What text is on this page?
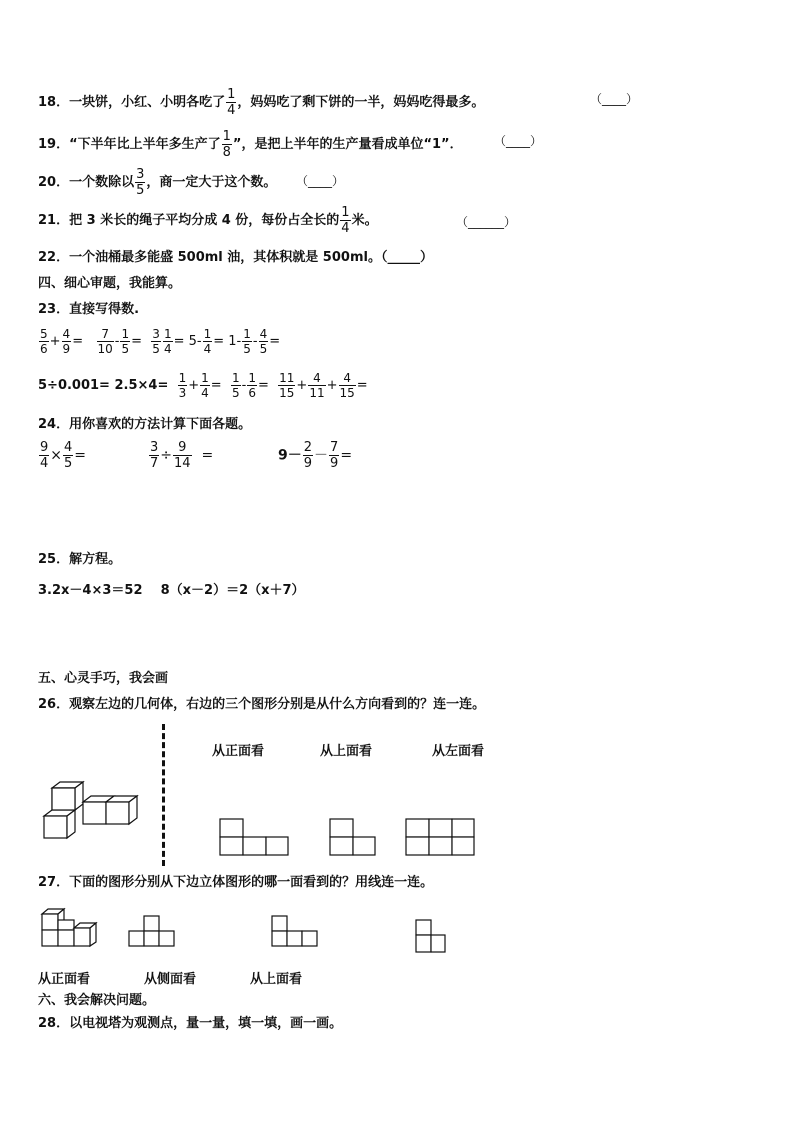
18．一块饼，小红、小明各吃了 $\frac{1}{4}$ ，妈妈吃了剩下饼的一半，妈妈吃得最多。	（____）
19．“下半年比上半年多生产了 $\frac{1}{8}$ ”，是把上半年的生产量看成单位“1”．	（____）
20．一个数除以 $\frac{3}{5}$ ，商一定大于这个数。 （____）
21．把 3 米长的绳子平均分成 4 份，每份占全长的 $\frac{1}{4}$ 米。	（______）
22．一个油桶最多能盛 500ml 油，其体积就是 500ml。（_____）
四、细心审题，我能算。
23．直接写得数.
$\frac{5}{6} + \frac{4}{9} = \frac{7}{10} - \frac{1}{5} = \frac{3}{5} \frac{1}{4} = 5- \frac{1}{4} = 1- \frac{1}{5} - \frac{4}{5}$ =
$5\div 0.001= 2.5\times 4= \frac{1}{3} + \frac{1}{4} = \frac{1}{5} - \frac{1}{6} = \frac{11}{15} + \frac{4}{11} + \frac{4}{15}$ =
24．用你喜欢的方法计算下面各题。
$\frac{9}{4} \times \frac{4}{5}$ =	$\frac{3}{7} \div \frac{9}{14}$ =	$9- \frac{2}{9} - \frac{7}{9}$ =
25．解方程。
3.2x－4×3＝52 8（x－2）＝2（x＋7）
五、心灵手巧，我会画
26．观察左边的几何体，右边的三个图形分别是从什么方向看到的？连一连。
从正面看	从上面看	从左面看
27．下面的图形分别从下边立体图形的哪一面看到的？用线连一连。
从正面看	从侧面看	从上面看
六、我会解决问题。
28．以电视塔为观测点，量一量，填一填，画一画。
